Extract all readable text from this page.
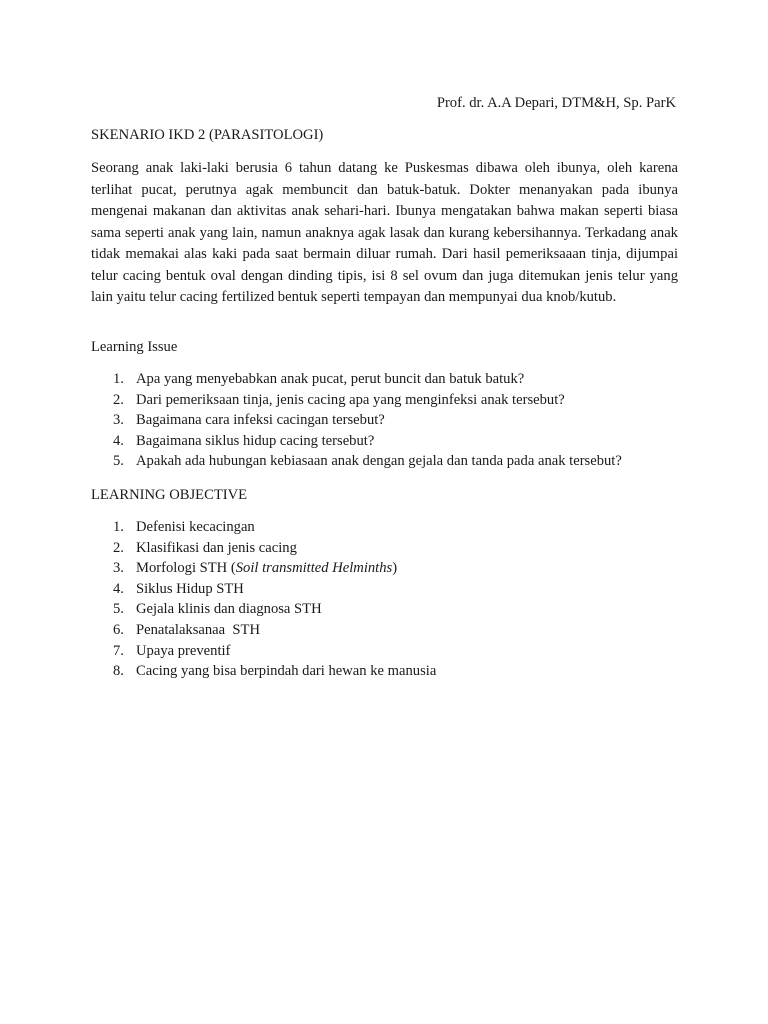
Prof. dr. A.A Depari, DTM&H, Sp. ParK
SKENARIO IKD 2 (PARASITOLOGI)

Seorang anak laki-laki berusia 6 tahun datang ke Puskesmas dibawa oleh ibunya, oleh karena terlihat pucat, perutnya agak membuncit dan batuk-batuk. Dokter menanyakan pada ibunya mengenai makanan dan aktivitas anak sehari-hari. Ibunya mengatakan bahwa makan seperti biasa sama seperti anak yang lain, namun anaknya agak lasak dan kurang kebersihannya. Terkadang anak tidak memakai alas kaki pada saat bermain diluar rumah. Dari hasil pemeriksaaan tinja, dijumpai telur cacing bentuk oval dengan dinding tipis, isi 8 sel ovum dan juga ditemukan jenis telur yang lain yaitu telur cacing fertilized bentuk seperti tempayan dan mempunyai dua knob/kutub.

Learning Issue
1. Apa yang menyebabkan anak pucat, perut buncit dan batuk batuk?
2. Dari pemeriksaan tinja, jenis cacing apa yang menginfeksi anak tersebut?
3. Bagaimana cara infeksi cacingan tersebut?
4. Bagaimana siklus hidup cacing tersebut?
5. Apakah ada hubungan kebiasaan anak dengan gejala dan tanda pada anak tersebut?
LEARNING OBJECTIVE
1. Defenisi kecacingan
2. Klasifikasi dan jenis cacing
3. Morfologi STH (Soil transmitted Helminths)
4. Siklus Hidup STH
5. Gejala klinis dan diagnosa STH
6. Penatalaksanaa  STH
7. Upaya preventif
8. Cacing yang bisa berpindah dari hewan ke manusia
